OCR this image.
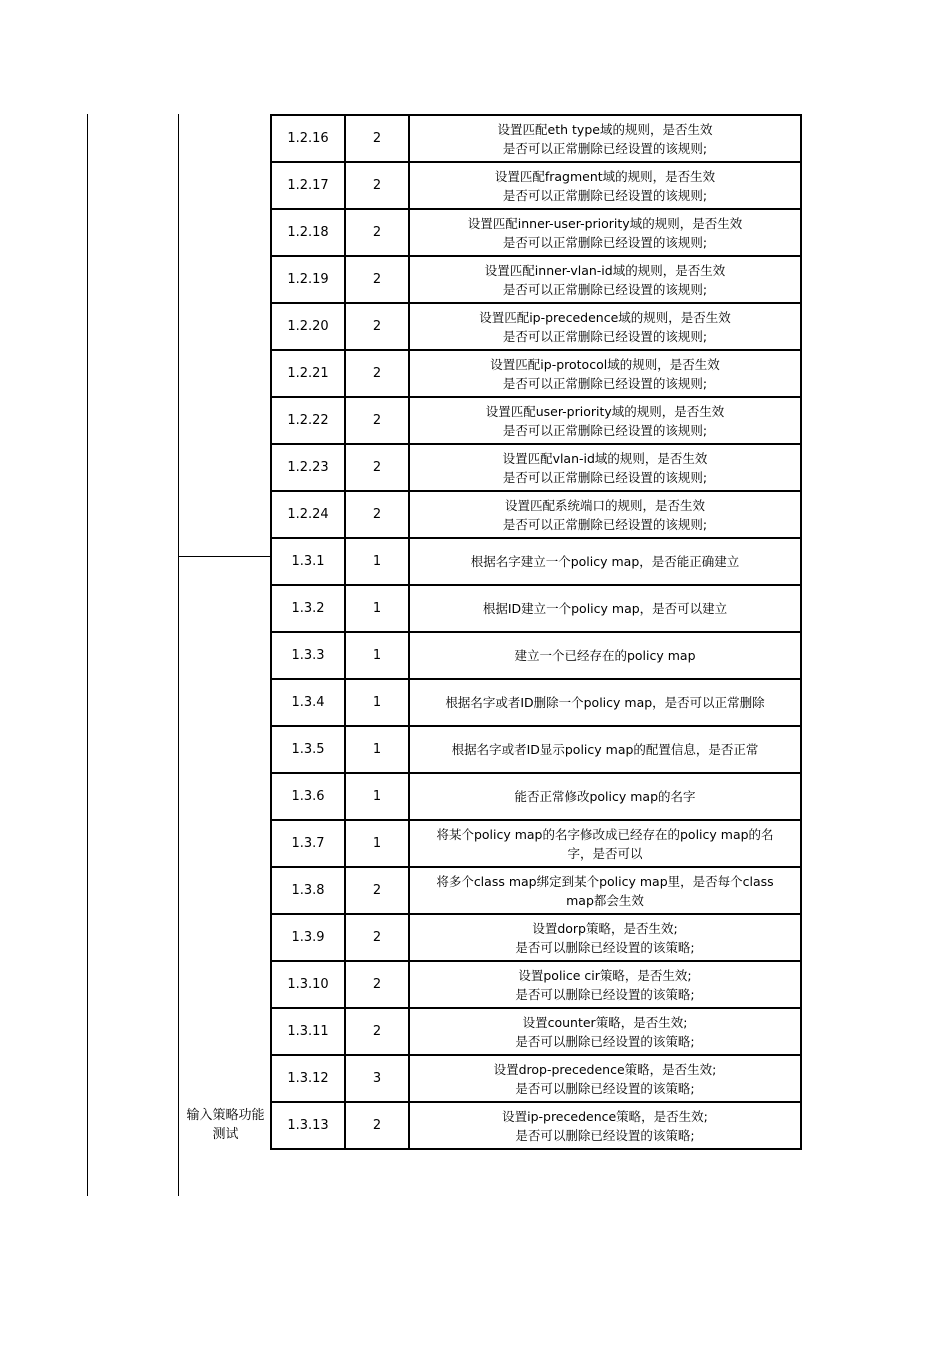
输入策略功能
测试
1.2.16	2	设置匹配eth type域的规则，是否生效
是否可以正常删除已经设置的该规则;

1.2.17	2	设置匹配fragment域的规则，是否生效
是否可以正常删除已经设置的该规则;

1.2.18	2	设置匹配inner-user-priority域的规则，是否生效
是否可以正常删除已经设置的该规则;

1.2.19	2	设置匹配inner-vlan-id域的规则，是否生效
是否可以正常删除已经设置的该规则;

1.2.20	2	设置匹配ip-precedence域的规则，是否生效
是否可以正常删除已经设置的该规则;

1.2.21	2	设置匹配ip-protocol域的规则，是否生效
是否可以正常删除已经设置的该规则;

1.2.22	2	设置匹配user-priority域的规则，是否生效
是否可以正常删除已经设置的该规则;

1.2.23	2	设置匹配vlan-id域的规则，是否生效
是否可以正常删除已经设置的该规则;

1.2.24	2	设置匹配系统端口的规则，是否生效
是否可以正常删除已经设置的该规则;

1.3.1	1	根据名字建立一个policy map，是否能正确建立

1.3.2	1	根据ID建立一个policy map，是否可以建立

1.3.3	1	建立一个已经存在的policy map

1.3.4	1	根据名字或者ID删除一个policy map，是否可以正常删除

1.3.5	1	根据名字或者ID显示policy map的配置信息，是否正常

1.3.6	1	能否正常修改policy map的名字

1.3.7	1	将某个policy map的名字修改成已经存在的policy map的名
字，是否可以

1.3.8	2	将多个class map绑定到某个policy map里，是否每个class
map都会生效

1.3.9	2	设置dorp策略，是否生效;
是否可以删除已经设置的该策略;

1.3.10	2	设置police cir策略，是否生效;
是否可以删除已经设置的该策略;

1.3.11	2	设置counter策略，是否生效;
是否可以删除已经设置的该策略;

1.3.12	3	设置drop-precedence策略，是否生效;
是否可以删除已经设置的该策略;

1.3.13	2	设置ip-precedence策略，是否生效;
是否可以删除已经设置的该策略;
